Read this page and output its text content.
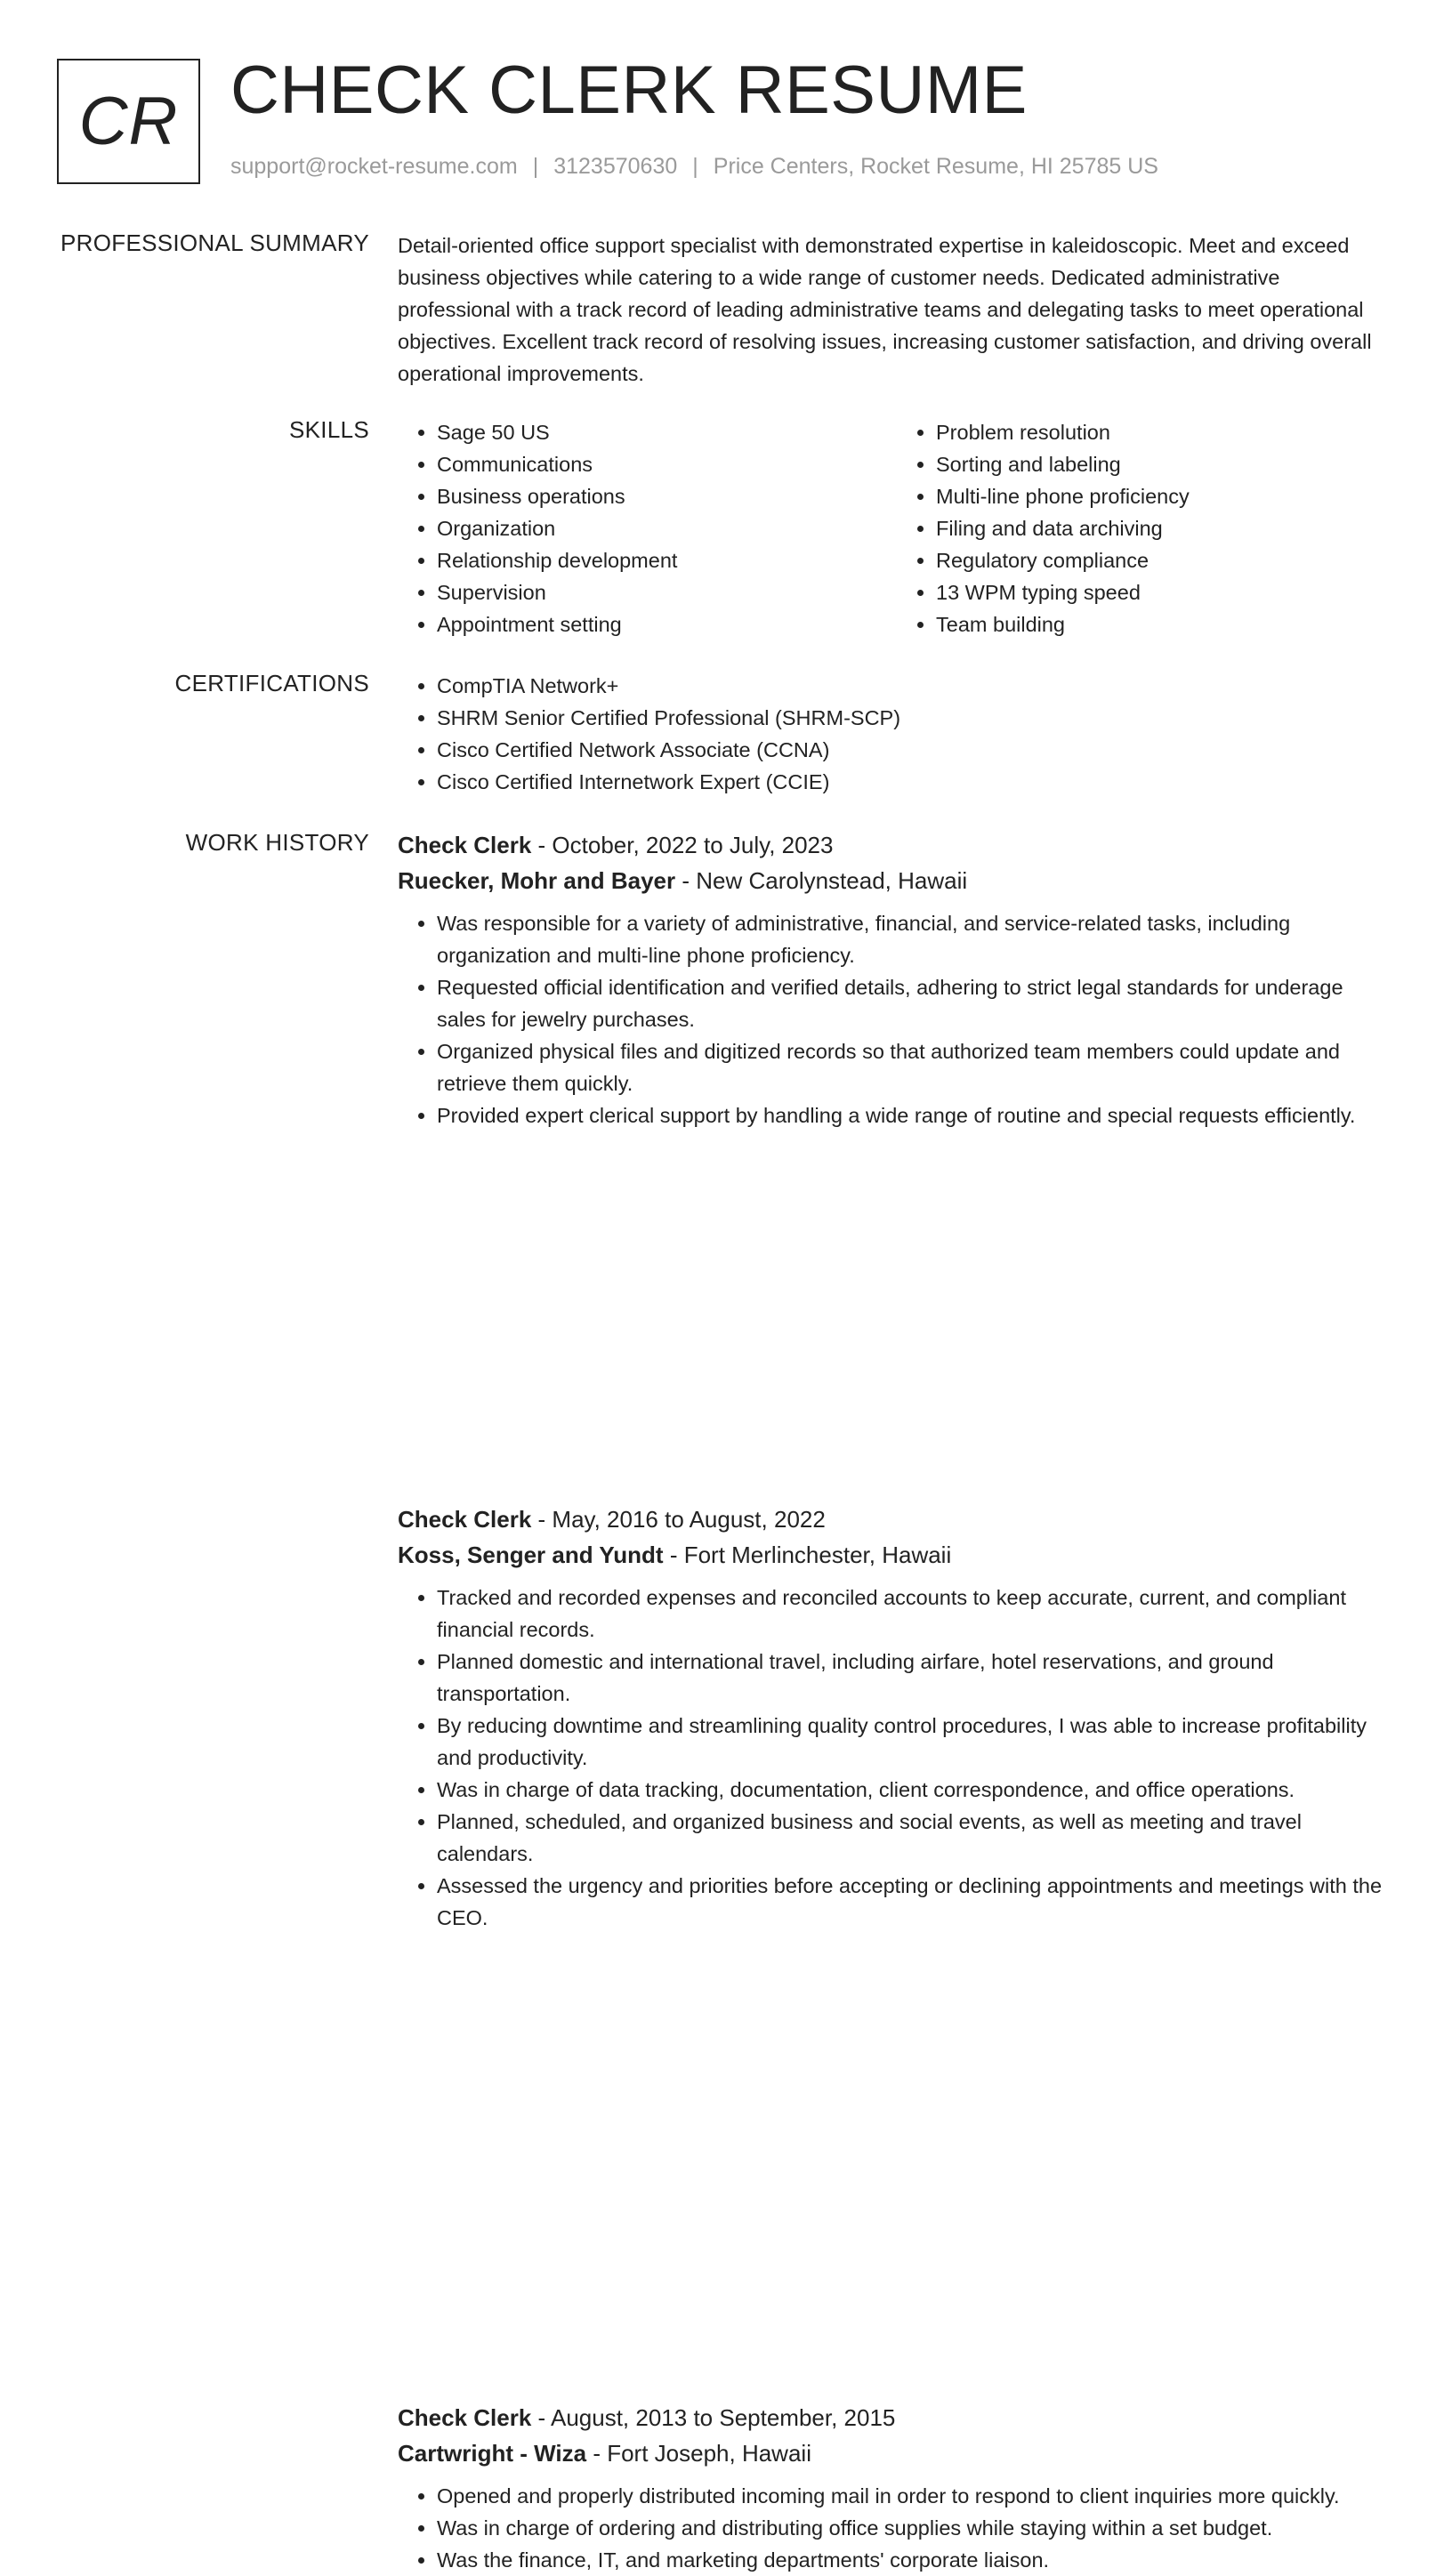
CR CHECK CLERK RESUME
support@rocket-resume.com | 3123570630 | Price Centers, Rocket Resume, HI 25785 US
PROFESSIONAL SUMMARY Detail-oriented office support specialist with demonstrated expertise in kaleidoscopic. Meet and exceed business objectives while catering to a wide range of customer needs. Dedicated administrative professional with a track record of leading administrative teams and delegating tasks to meet operational objectives. Excellent track record of resolving issues, increasing customer satisfaction, and driving overall operational improvements.

SKILLS	• Sage 50 US
• Communications
• Business operations
• Organization
• Relationship development
• Supervision
• Appointment setting
• Problem resolution
• Sorting and labeling
• Multi-line phone proficiency
• Filing and data archiving
• Regulatory compliance
• 13 WPM typing speed
• Team building
CERTIFICATIONS	• CompTIA Network+
• SHRM Senior Certified Professional (SHRM-SCP)
• Cisco Certified Network Associate (CCNA)
• Cisco Certified Internetwork Expert (CCIE)
WORK HISTORY Check Clerk - October, 2022 to July, 2023
Ruecker, Mohr and Bayer - New Carolynstead, Hawaii
• Was responsible for a variety of administrative, financial, and service-related tasks, including organization and multi-line phone proficiency.
• Requested official identification and verified details, adhering to strict legal standards for underage sales for jewelry purchases.
• Organized physical files and digitized records so that authorized team members could update and retrieve them quickly.
• Provided expert clerical support by handling a wide range of routine and special requests efficiently.
Check Clerk - May, 2016 to August, 2022
Koss, Senger and Yundt - Fort Merlinchester, Hawaii
• Tracked and recorded expenses and reconciled accounts to keep accurate, current, and compliant financial records.
• Planned domestic and international travel, including airfare, hotel reservations, and ground transportation.
• By reducing downtime and streamlining quality control procedures, I was able to increase profitability and productivity.
• Was in charge of data tracking, documentation, client correspondence, and office operations.
• Planned, scheduled, and organized business and social events, as well as meeting and travel calendars.
• Assessed the urgency and priorities before accepting or declining appointments and meetings with the CEO.
Check Clerk - August, 2013 to September, 2015
Cartwright - Wiza - Fort Joseph, Hawaii
• Opened and properly distributed incoming mail in order to respond to client inquiries more quickly.
• Was in charge of ordering and distributing office supplies while staying within a set budget.
• Was the finance, IT, and marketing departments' corporate liaison.
